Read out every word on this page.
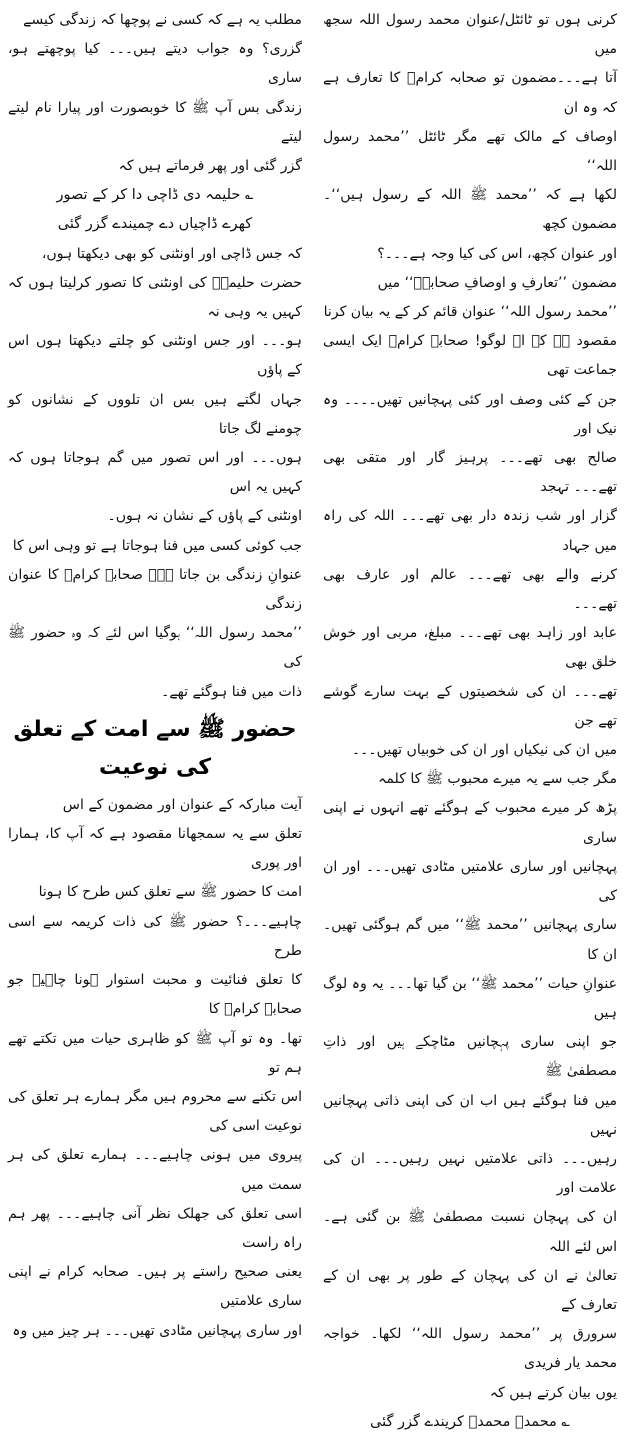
کرنی ہوں تو ٹائٹل/عنوان محمد رسول اللہ سجھ میں

آتا ہے۔۔۔مضمون تو صحابہ کرامؓ کا تعارف ہے کہ وہ ان

اوصاف کے مالک تھے مگر ٹائٹل ’’محمد رسول اللہ‘‘

لکھا ہے کہ ’’محمد ﷺ اللہ کے رسول ہیں‘‘۔ مضمون کچھ

اور عنوان کچھ، اس کی کیا وجہ ہے۔۔۔؟

مضمون ’’تعارفِ و اوصافِ صحابہؓ‘‘ میں

’’محمد رسول اللہ‘‘ عنوان قائم کر کے یہ بیان کرنا

مقصود ہے کہ اے لوگو! صحابہ کرامؓ ایک ایسی جماعت تھی

جن کے کئی وصف اور کئی پہچانیں تھیں۔۔۔۔ وہ نیک اور

صالح بھی تھے۔۔۔ پرہیز گار اور متقی بھی تھے۔۔۔ تہجد

گزار اور شب زندہ دار بھی تھے۔۔۔ اللہ کی راہ میں جہاد

کرنے والے بھی تھے۔۔۔ عالم اور عارف بھی تھے۔۔۔

عابد اور زاہد بھی تھے۔۔۔ مبلغ، مربی اور خوش خلق بھی

تھے۔۔۔ ان کی شخصیتوں کے بہت سارے گوشے تھے جن

میں ان کی نیکیاں اور ان کی خوبیاں تھیں۔۔۔

مگر جب سے یہ میرے محبوب ﷺ کا کلمہ

پڑھ کر میرے محبوب کے ہوگئے تھے انہوں نے اپنی ساری

پہچانیں اور ساری علامتیں مٹادی تھیں۔۔۔ اور ان کی

ساری پہچانیں ’’محمد ﷺ‘‘ میں گم ہوگئی تھیں۔ ان کا

عنوانِ حیات ’’محمد ﷺ‘‘ بن گیا تھا۔۔۔ یہ وہ لوگ ہیں

جو اپنی ساری پہچانیں مٹاچکے ہیں اور ذاتِ مصطفیٰ ﷺ

میں فنا ہوگئے ہیں اب ان کی اپنی ذاتی پہچانیں نہیں

رہیں۔۔۔ ذاتی علامتیں نہیں رہیں۔۔۔ ان کی علامت اور

ان کی پہچان نسبت مصطفیٰ ﷺ بن گئی ہے۔ اس لئے اللہ

تعالیٰ نے ان کی پہچان کے طور پر بھی ان کے تعارف کے

سرورق پر ’’محمد رسول اللہ‘‘ لکھا۔ خواجہ محمد یار فریدی

یوں بیان کرتے ہیں کہ

؎ محمدؐ محمدؐ کریندے گزر گئی

مطلب یہ ہے کہ کسی نے پوچھا کہ زندگی کیسے

گزری؟ وہ جواب دیتے ہیں۔۔۔ کیا پوچھتے ہو، ساری

زندگی بس آپ ﷺ کا خوبصورت اور پیارا نام لیتے لیتے

گزر گئی اور پھر فرماتے ہیں کہ

؎ حلیمہ دی ڈاچی دا کر کے تصور

کھرے ڈاچیاں دے چمیندے گزر گئی

کہ جس ڈاچی اور اونٹنی کو بھی دیکھتا ہوں،

حضرت حلیمہؓ کی اونٹنی کا تصور کرلیتا ہوں کہ کہیں یہ وہی نہ

ہو۔۔۔ اور جس اونٹنی کو چلتے دیکھتا ہوں اس کے پاؤں

جہاں لگتے ہیں بس ان تلووں کے نشانوں کو چومنے لگ جاتا

ہوں۔۔۔ اور اس تصور میں گم ہوجاتا ہوں کہ کہیں یہ اس

اونٹنی کے پاؤں کے نشان نہ ہوں۔

جب کوئی کسی میں فنا ہوجاتا ہے تو وہی اس کا

عنوانِ زندگی بن جاتا ہے۔ صحابہ کرامؓ کا عنوان زندگی

’’محمد رسول اللہ‘‘ ہوگیا اس لئے کہ وہ حضور ﷺ کی

ذات میں فنا ہوگئے تھے۔

حضور ﷺ سے امت کے تعلق کی نوعیت

آیت مبارکہ کے عنوان اور مضمون کے اس

تعلق سے یہ سمجھانا مقصود ہے کہ آپ کا، ہمارا اور پوری

امت کا حضور ﷺ سے تعلق کس طرح کا ہونا

چاہیے۔۔۔؟ حضور ﷺ کی ذات کریمہ سے اسی طرح

کا تعلق فنائیت و محبت استوار ہونا چاہیے جو صحابہ کرامؓ کا

تھا۔ وہ تو آپ ﷺ کو ظاہری حیات میں تکتے تھے ہم تو

اس تکنے سے محروم ہیں مگر ہمارے ہر تعلق کی نوعیت اسی کی

پیروی میں ہونی چاہیے۔۔۔ ہمارے تعلق کی ہر سمت میں

اسی تعلق کی جھلک نظر آنی چاہیے۔۔۔ پھر ہم راہ راست

یعنی صحیح راستے پر ہیں۔ صحابہ کرام نے اپنی ساری علامتیں

اور ساری پہچانیں مٹادی تھیں۔۔۔ ہر چیز میں وہ
